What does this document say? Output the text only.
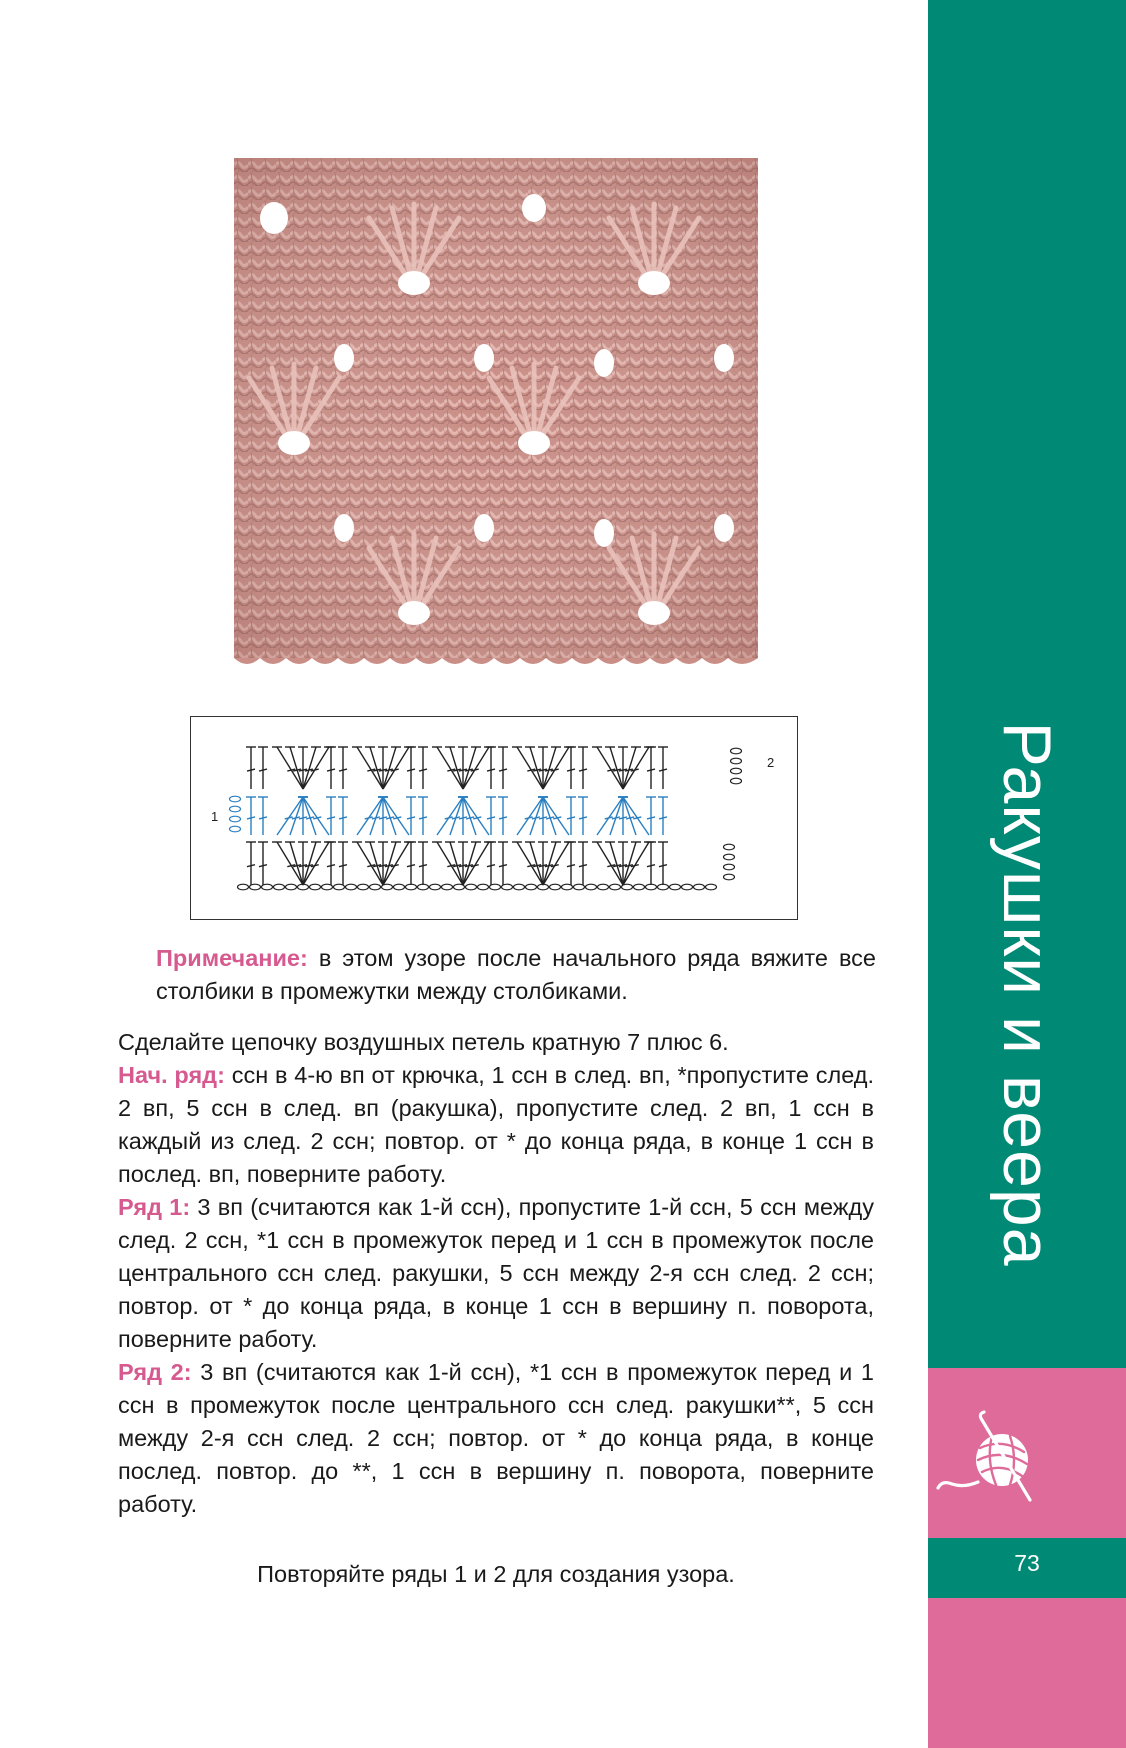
Ракушки и веера
73
1
2

Примечание: в этом узоре после начального ряда вяжите все столбики в промежутки между столбиками.

Сделайте цепочку воздушных петель кратную 7 плюс 6.

Нач. ряд: ссн в 4-ю вп от крючка, 1 ссн в след. вп, *пропустите след. 2 вп, 5 ссн в след. вп (ракушка), пропустите след. 2 вп, 1 ссн в каждый из след. 2 ссн; повтор. от * до конца ряда, в конце 1 ссн в послед. вп, поверните работу.

Ряд 1: 3 вп (считаются как 1-й ссн), пропустите 1-й ссн, 5 ссн между след. 2 ссн, *1 ссн в промежуток перед и 1 ссн в промежуток после центрального ссн след. ракушки, 5 ссн между 2-я ссн след. 2 ссн; повтор. от * до конца ряда, в конце 1 ссн в вершину п. поворота, поверните работу.

Ряд 2: 3 вп (считаются как 1-й ссн), *1 ссн в промежуток перед и 1 ссн в промежуток после центрального ссн след. ракушки**, 5 ссн между 2-я ссн след. 2 ссн; повтор. от * до конца ряда, в конце послед. повтор. до **, 1 ссн в вершину п. поворота, поверните работу.

Повторяйте ряды 1 и 2 для создания узора.
